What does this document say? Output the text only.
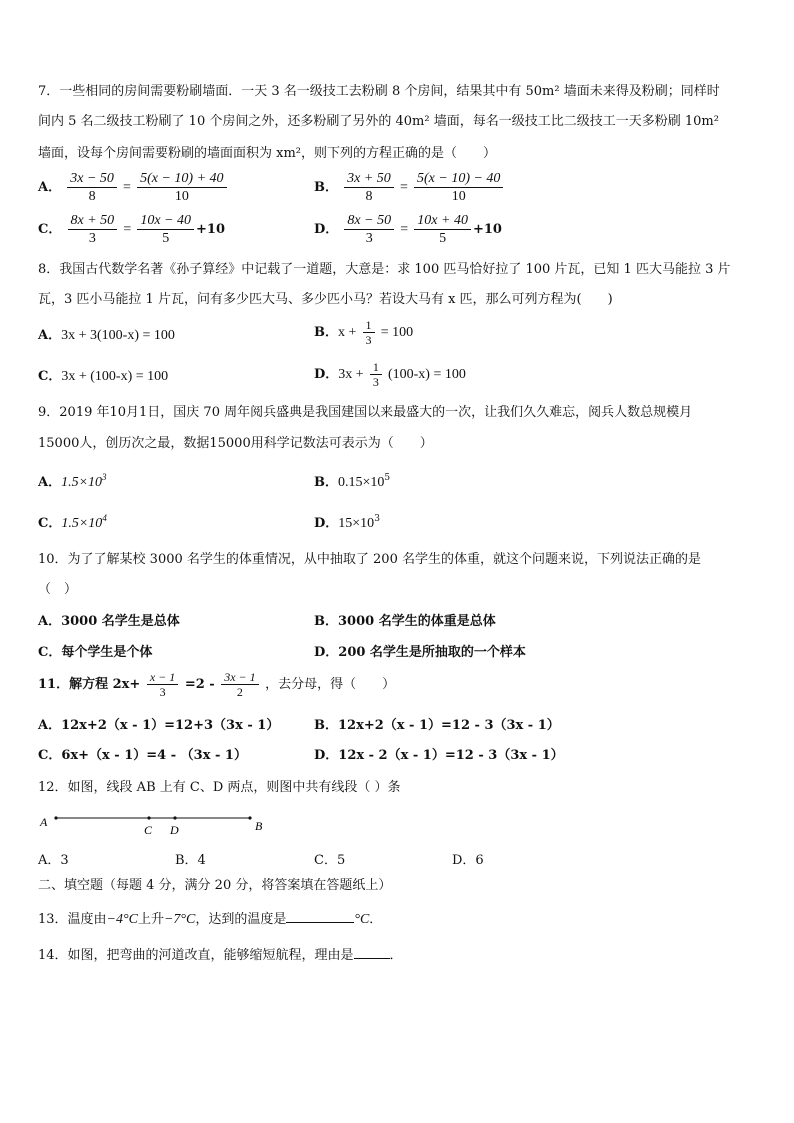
7．一些相同的房间需要粉刷墙面．一天 3 名一级技工去粉刷 8 个房间，结果其中有 50m² 墙面未来得及粉刷；同样时
间内 5 名二级技工粉刷了 10 个房间之外，还多粉刷了另外的 40m² 墙面，每名一级技工比二级技工一天多粉刷 10m²
墙面，设每个房间需要粉刷的墙面面积为 xm²，则下列的方程正确的是（　　）
A． $\frac{3x - 50}{8} = \frac{5(x - 10) + 40}{10}$	B． $\frac{3x + 50}{8} = \frac{5(x - 10) - 40}{10}$
C． $\frac{8x + 50}{3} = \frac{10x - 40}{5} +10$	D． $\frac{8x - 50}{3} = \frac{10x + 40}{5} +10$
8．我国古代数学名著《孙子算经》中记载了一道题，大意是：求 100 匹马恰好拉了 100 片瓦，已知 1 匹大马能拉 3 片
瓦，3 匹小马能拉 1 片瓦，问有多少匹大马、多少匹小马？若设大马有 x 匹，那么可列方程为(　　)
A．3x + 3(100-x) = 100	B．$x + \frac{1}{3} = 100$
C．3x + (100-x) = 100	D．$3x + \frac{1}{3} (100-x) = 100$
9．2019 年10月1日，国庆 70 周年阅兵盛典是我国建国以来最盛大的一次，让我们久久难忘，阅兵人数总规模月
15000人，创历次之最，数据15000用科学记数法可表示为（　　）
A．$1.5\times 10^3$	B．$0.15\times 10^5$
C．$1.5\times 10^4$	D．$15\times 10^3$
10．为了了解某校 3000 名学生的体重情况，从中抽取了 200 名学生的体重，就这个问题来说，下列说法正确的是
（　）
A．3000 名学生是总体	B．3000 名学生的体重是总体
C．每个学生是个体	D．200 名学生是所抽取的一个样本
11．解方程 $2x+ \frac{x - 1}{3} =2 - \frac{3x - 1}{2}$ ，去分母，得（　　）
A．12x+2（x - 1）=12+3（3x - 1）	B．12x+2（x - 1）=12 - 3（3x - 1）
C．6x+（x - 1）=4 - （3x - 1）	D．12x - 2（x - 1）=12 - 3（3x - 1）
12．如图，线段 AB 上有 C、D 两点，则图中共有线段（ ）条
A
C D	B
A．3	B．4	C．5	D．6
二、填空题（每题 4 分，满分 20 分，将答案填在答题纸上）
13．温度由−4°C上升−7°C，达到的温度是	°C．
14．如图，把弯曲的河道改直，能够缩短航程，理由是	．
